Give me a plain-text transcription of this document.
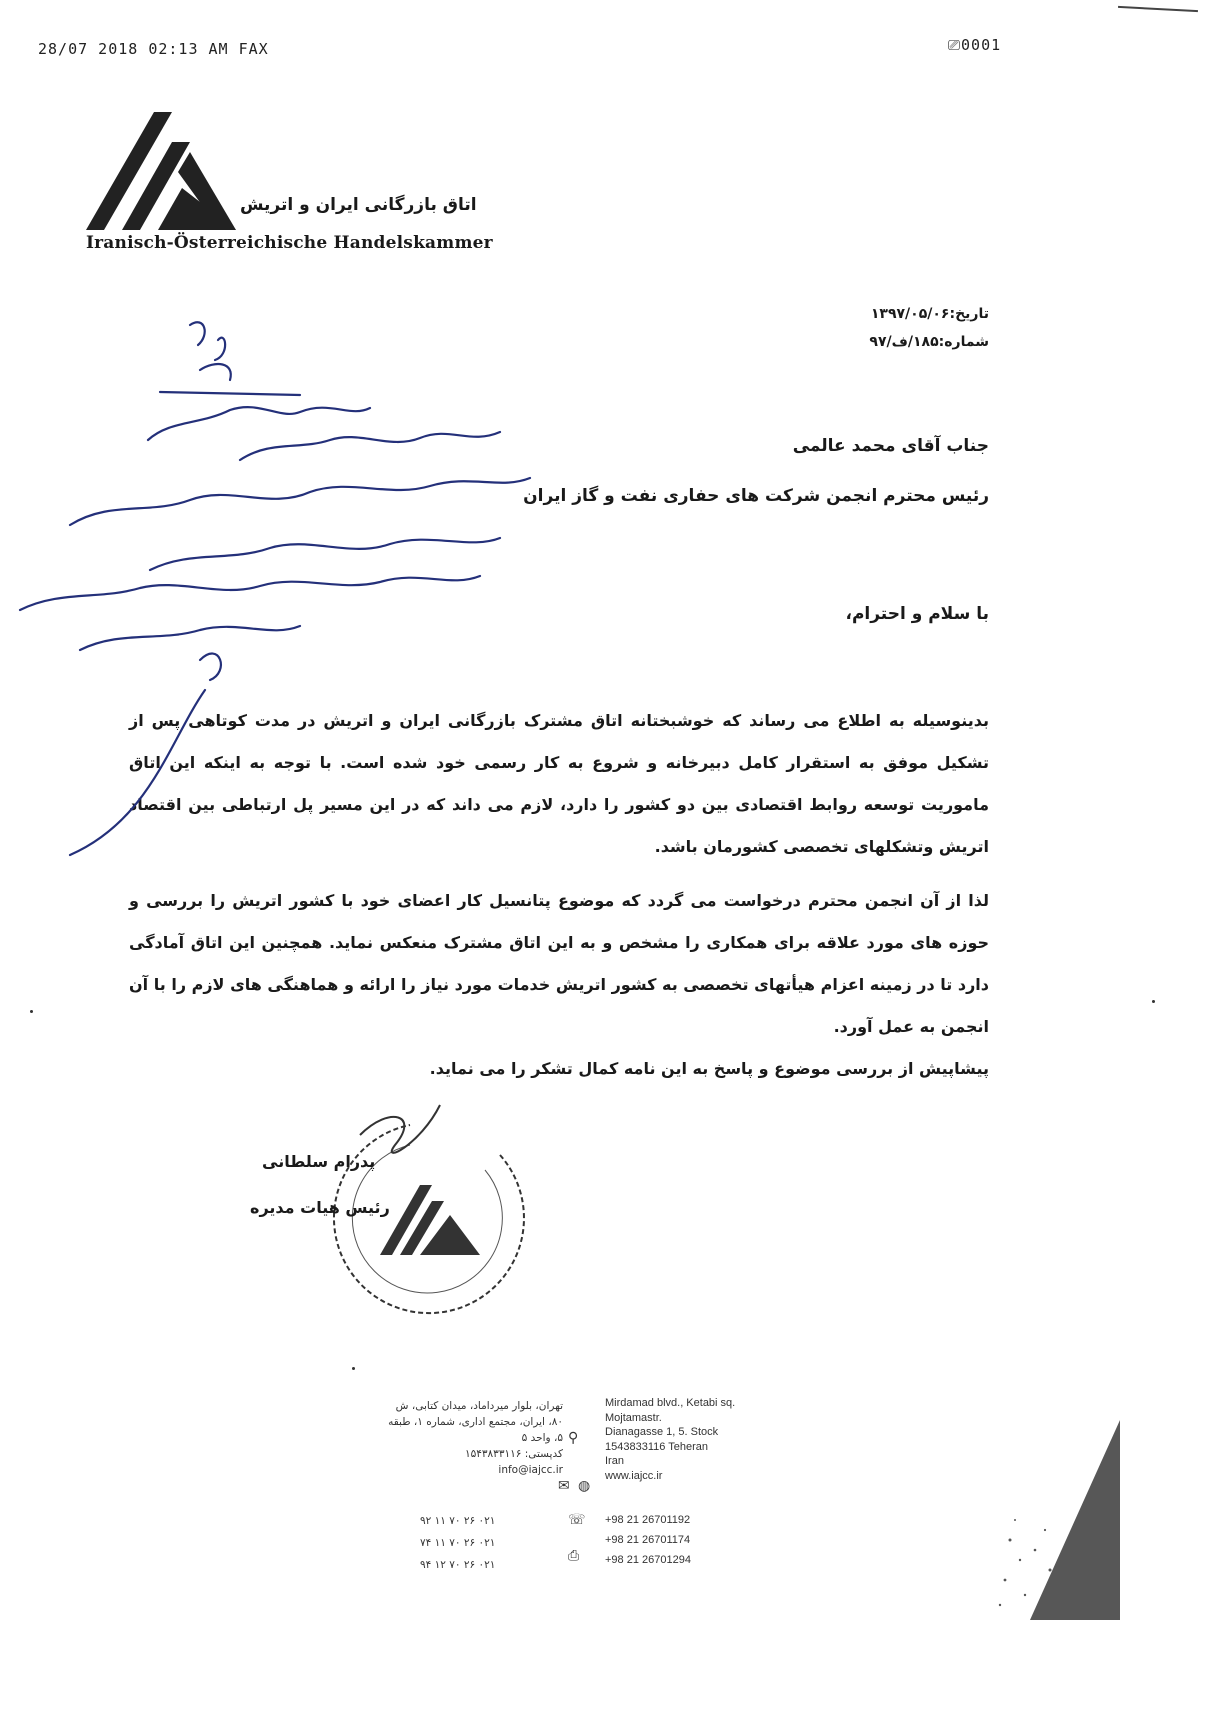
28/07 2018 02:13 AM FAX	⎚0001
اتاق بازرگانی ایران و اتریش
Iranisch-Österreichische Handelskammer
تاریخ:۱۳۹۷/۰۵/۰۶
شماره:۱۸۵/ف/۹۷
جناب آقای محمد عالمی
رئیس محترم انجمن شرکت های حفاری نفت و گاز ایران
با سلام و احترام،
بدینوسیله به اطلاع می رساند که خوشبختانه اتاق مشترک بازرگانی ایران و اتریش در مدت کوتاهی پس از تشکیل موفق به استقرار کامل دبیرخانه و شروع به کار رسمی خود شده است. با توجه به اینکه این اتاق ماموریت توسعه روابط اقتصادی بین دو کشور را دارد، لازم می داند که در این مسیر پل ارتباطی بین اقتصاد اتریش وتشکلهای تخصصی کشورمان باشد.
لذا از آن انجمن محترم درخواست می گردد که موضوع پتانسیل کار اعضای خود با کشور اتریش را بررسی و حوزه های مورد علاقه برای همکاری را مشخص و به این اتاق مشترک منعکس نماید. همچنین این اتاق آمادگی دارد تا در زمینه اعزام هیأتهای تخصصی به کشور اتریش خدمات مورد نیاز را ارائه و هماهنگی های لازم را با آن انجمن به عمل آورد.
پیشاپیش از بررسی موضوع و پاسخ به این نامه کمال تشکر را می نماید.
پدرام سلطانی
رئیس هیات مدیره
تهران، بلوار میرداماد، میدان کتابی، ش ۸۰، ایران، مجتمع اداری، شماره ۱، طبقه ۵، واحد ۵
کدپستی: ۱۵۴۳۸۳۳۱۱۶
info@iajcc.ir
⚲
✉ ◍
☏
⎙
Mirdamad blvd., Ketabi sq.
Mojtamastr.
Dianagasse 1, 5. Stock
1543833116 Teheran
Iran
www.iajcc.ir
۰۲۱ ۲۶ ۷۰ ۱۱ ۹۲
۰۲۱ ۲۶ ۷۰ ۱۱ ۷۴
۰۲۱ ۲۶ ۷۰ ۱۲ ۹۴
+98 21 26701192
+98 21 26701174
+98 21 26701294
